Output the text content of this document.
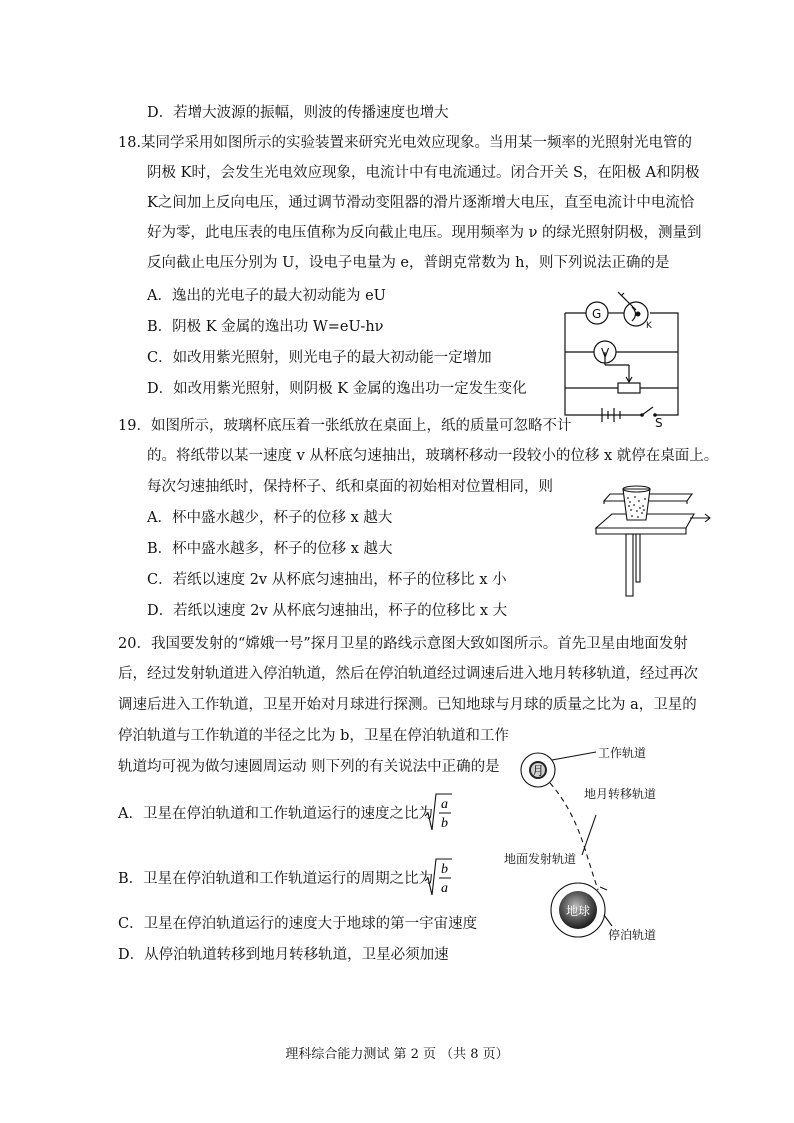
D．若增大波源的振幅，则波的传播速度也增大
18.某同学采用如图所示的实验装置来研究光电效应现象。当用某一频率的光照射光电管的
阴极 K时，会发生光电效应现象，电流计中有电流通过。闭合开关 S，在阳极 A和阴极
K之间加上反向电压，通过调节滑动变阻器的滑片逐渐增大电压，直至电流计中电流恰
好为零，此电压表的电压值称为反向截止电压。现用频率为 ν 的绿光照射阴极，测量到
反向截止电压分别为 U，设电子电量为 e，普朗克常数为 h，则下列说法正确的是
A．逸出的光电子的最大初动能为 eU
B．阴极 K 金属的逸出功 W=eU-hν
C．如改用紫光照射，则光电子的最大初动能一定增加
D．如改用紫光照射，则阴极 K 金属的逸出功一定发生变化
G
V
K
S
19．如图所示，玻璃杯底压着一张纸放在桌面上，纸的质量可忽略不计
的。将纸带以某一速度 v 从杯底匀速抽出，玻璃杯移动一段较小的位移 x 就停在桌面上。
每次匀速抽纸时，保持杯子、纸和桌面的初始相对位置相同，则
A．杯中盛水越少，杯子的位移 x 越大
B．杯中盛水越多，杯子的位移 x 越大
C．若纸以速度 2v 从杯底匀速抽出，杯子的位移比 x 小
D．若纸以速度 2v 从杯底匀速抽出，杯子的位移比 x 大
20．我国要发射的“嫦娥一号”探月卫星的路线示意图大致如图所示。首先卫星由地面发射
后，经过发射轨道进入停泊轨道，然后在停泊轨道经过调速后进入地月转移轨道，经过再次
调速后进入工作轨道，卫星开始对月球进行探测。已知地球与月球的质量之比为 a，卫星的
停泊轨道与工作轨道的半径之比为 b，卫星在停泊轨道和工作
轨道均可视为做匀速圆周运动 则下列的有关说法中正确的是
A．卫星在停泊轨道和工作轨道运行的速度之比为
a
b
B．卫星在停泊轨道和工作轨道运行的周期之比为
b
a
C．卫星在停泊轨道运行的速度大于地球的第一宇宙速度
D．从停泊轨道转移到地月转移轨道，卫星必须加速
月
地球
工作轨道
地月转移轨道
地面发射轨道
停泊轨道
理科综合能力测试 第 2 页 （共 8 页）
